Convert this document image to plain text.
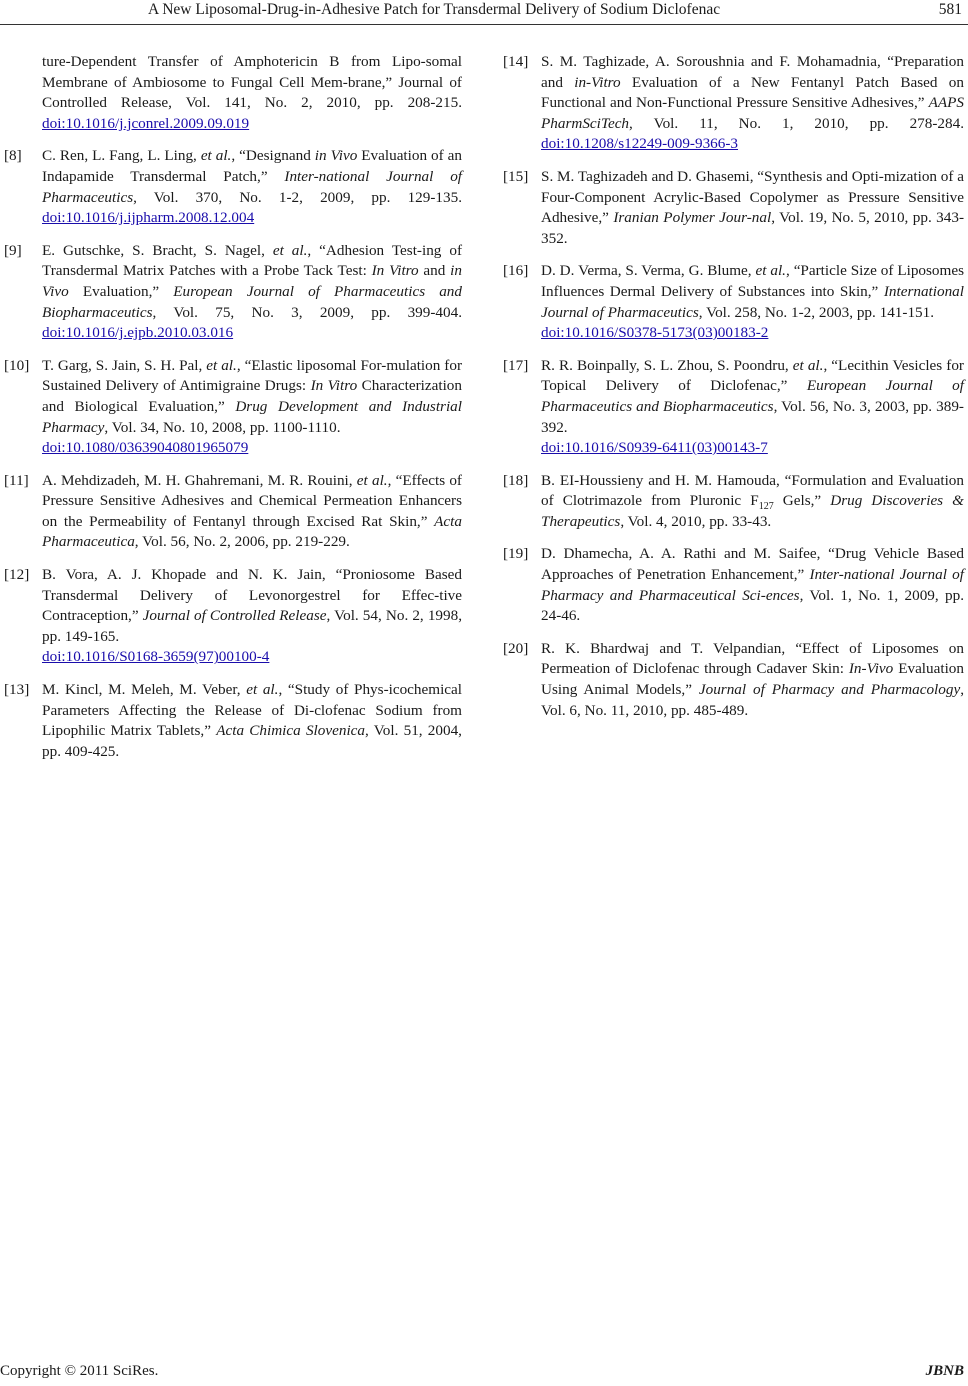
A New Liposomal-Drug-in-Adhesive Patch for Transdermal Delivery of Sodium Diclofenac	581

ture-Dependent Transfer of Amphotericin B from Lipo-somal Membrane of Ambiosome to Fungal Cell Mem-brane,” Journal of Controlled Release, Vol. 141, No. 2, 2010, pp. 208-215. doi:10.1016/j.jconrel.2009.09.019

[8] C. Ren, L. Fang, L. Ling, et al., “Designand in Vivo Evaluation of an Indapamide Transdermal Patch,” Inter-national Journal of Pharmaceutics, Vol. 370, No. 1-2, 2009, pp. 129-135. doi:10.1016/j.ijpharm.2008.12.004

[9] E. Gutschke, S. Bracht, S. Nagel, et al., “Adhesion Test-ing of Transdermal Matrix Patches with a Probe Tack Test: In Vitro and in Vivo Evaluation,” European Journal of Pharmaceutics and Biopharmaceutics, Vol. 75, No. 3, 2009, pp. 399-404. doi:10.1016/j.ejpb.2010.03.016

[10] T. Garg, S. Jain, S. H. Pal, et al., “Elastic liposomal For-mulation for Sustained Delivery of Antimigraine Drugs: In Vitro Characterization and Biological Evaluation,” Drug Development and Industrial Pharmacy, Vol. 34, No. 10, 2008, pp. 1100-1110.
doi:10.1080/03639040801965079

[11] A. Mehdizadeh, M. H. Ghahremani, M. R. Rouini, et al., “Effects of Pressure Sensitive Adhesives and Chemical Permeation Enhancers on the Permeability of Fentanyl through Excised Rat Skin,” Acta Pharmaceutica, Vol. 56, No. 2, 2006, pp. 219-229.

[12] B. Vora, A. J. Khopade and N. K. Jain, “Proniosome Based Transdermal Delivery of Levonorgestrel for Effec-tive Contraception,” Journal of Controlled Release, Vol. 54, No. 2, 1998, pp. 149-165.
doi:10.1016/S0168-3659(97)00100-4

[13] M. Kincl, M. Meleh, M. Veber, et al., “Study of Phys-icochemical Parameters Affecting the Release of Di-clofenac Sodium from Lipophilic Matrix Tablets,” Acta Chimica Slovenica, Vol. 51, 2004, pp. 409-425.

[14] S. M. Taghizade, A. Soroushnia and F. Mohamadnia, “Preparation and in-Vitro Evaluation of a New Fentanyl Patch Based on Functional and Non-Functional Pressure Sensitive Adhesives,” AAPS PharmSciTech, Vol. 11, No. 1, 2010, pp. 278-284. doi:10.1208/s12249-009-9366-3

[15] S. M. Taghizadeh and D. Ghasemi, “Synthesis and Opti-mization of a Four-Component Acrylic-Based Copolymer as Pressure Sensitive Adhesive,” Iranian Polymer Jour-nal, Vol. 19, No. 5, 2010, pp. 343-352.

[16] D. D. Verma, S. Verma, G. Blume, et al., “Particle Size of Liposomes Influences Dermal Delivery of Substances into Skin,” International Journal of Pharmaceutics, Vol. 258, No. 1-2, 2003, pp. 141-151.
doi:10.1016/S0378-5173(03)00183-2

[17] R. R. Boinpally, S. L. Zhou, S. Poondru, et al., “Lecithin Vesicles for Topical Delivery of Diclofenac,” European Journal of Pharmaceutics and Biopharmaceutics, Vol. 56, No. 3, 2003, pp. 389-392.
doi:10.1016/S0939-6411(03)00143-7

[18] B. EI-Houssieny and H. M. Hamouda, “Formulation and Evaluation of Clotrimazole from Pluronic $F_{127}$ Gels,” Drug Discoveries & Therapeutics, Vol. 4, 2010, pp. 33-43.

[19] D. Dhamecha, A. A. Rathi and M. Saifee, “Drug Vehicle Based Approaches of Penetration Enhancement,” Inter-national Journal of Pharmacy and Pharmaceutical Sci-ences, Vol. 1, No. 1, 2009, pp. 24-46.

[20] R. K. Bhardwaj and T. Velpandian, “Effect of Liposomes on Permeation of Diclofenac through Cadaver Skin: In-Vivo Evaluation Using Animal Models,” Journal of Pharmacy and Pharmacology, Vol. 6, No. 11, 2010, pp. 485-489.

Copyright © 2011 SciRes.	JBNB
